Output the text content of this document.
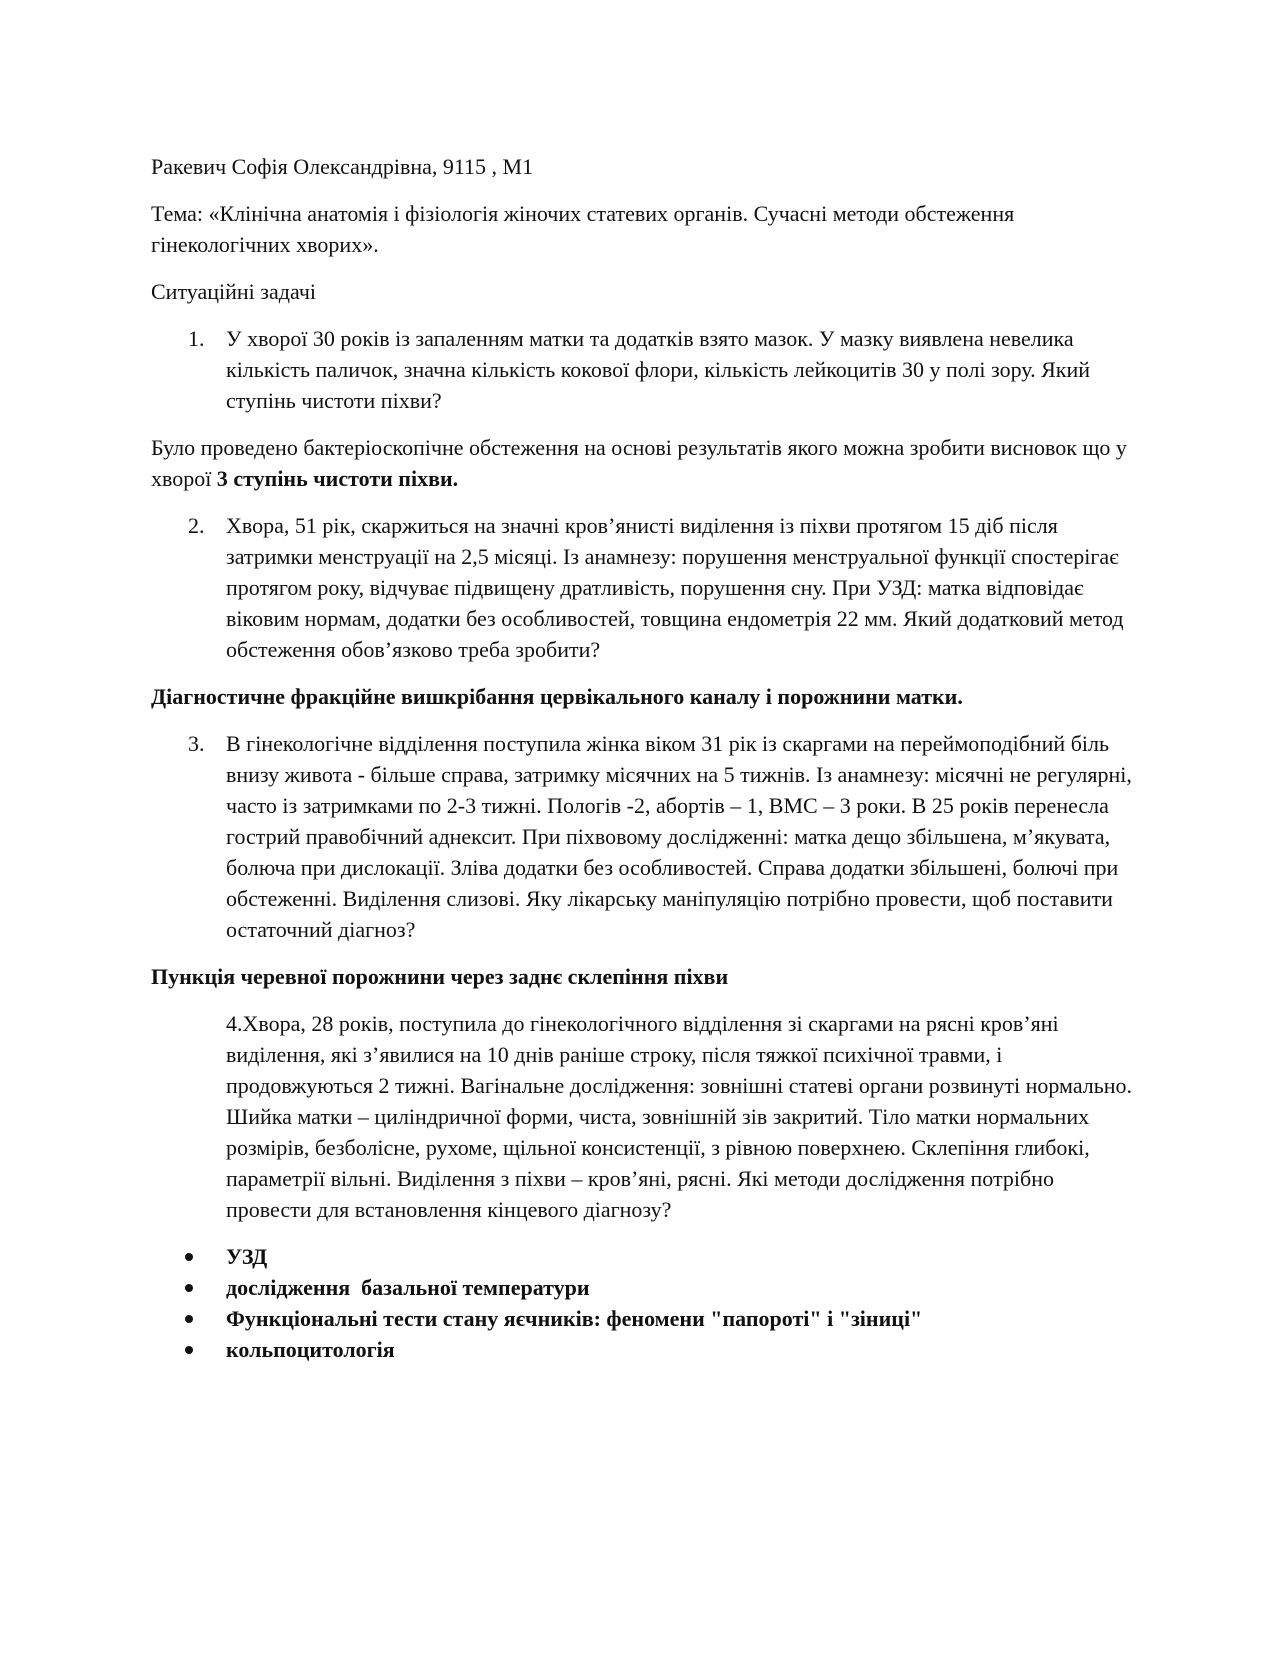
Ракевич Софія Олександрівна, 9115 , М1

Тема: «Клінічна анатомія і фізіологія жіночих статевих органів. Сучасні методи обстеження гінекологічних хворих».

Ситуаційні задачі

1. У хворої 30 років із запаленням матки та додатків взято мазок. У мазку виявлена невелика кількість паличок, значна кількість кокової флори, кількість лейкоцитів 30 у полі зору. Який ступінь чистоти піхви?

Було проведено бактеріоскопічне обстеження на основі результатів якого можна зробити висновок що у хворої 3 ступінь чистоти піхви.

2. Хвора, 51 рік, скаржиться на значні кров’янисті виділення із піхви протягом 15 діб після затримки менструації на 2,5 місяці. Із анамнезу: порушення менструальної функції спостерігає протягом року, відчуває підвищену дратливість, порушення сну. При УЗД: матка відповідає віковим нормам, додатки без особливостей, товщина ендометрія 22 мм. Який додатковий метод обстеження обов’язково треба зробити?

Діагностичне фракційне вишкрібання цервікального каналу і порожнини матки.

3. В гінекологічне відділення поступила жінка віком 31 рік із скаргами на переймоподібний біль внизу живота - більше справа, затримку місячних на 5 тижнів. Із анамнезу: місячні не регулярні, часто із затримками по 2-3 тижні. Пологів -2, абортів – 1, ВМС – 3 роки. В 25 років перенесла гострий правобічний аднексит. При піхвовому дослідженні: матка дещо збільшена, м’якувата, болюча при дислокації. Зліва додатки без особливостей. Справа додатки збільшені, болючі при обстеженні. Виділення слизові. Яку лікарську маніпуляцію потрібно провести, щоб поставити остаточний діагноз?

Пункція черевної порожнини через заднє склепіння піхви

4.Хвора, 28 років, поступила до гінекологічного відділення зі скаргами на рясні кров’яні виділення, які з’явилися на 10 днів раніше строку, після тяжкої психічної травми, і продовжуються 2 тижні. Вагінальне дослідження: зовнішні статеві органи розвинуті нормально. Шийка матки – циліндричної форми, чиста, зовнішній зів закритий. Тіло матки нормальних розмірів, безболісне, рухоме, щільної консистенції, з рівною поверхнею. Склепіння глибокі, параметрії вільні. Виділення з піхви – кров’яні, рясні. Які методи дослідження потрібно провести для встановлення кінцевого діагнозу?

УЗД
дослідження  базальної температури
Функціональні тести стану яєчників: феномени "папороті" і "зіниці"
кольпоцитологія
